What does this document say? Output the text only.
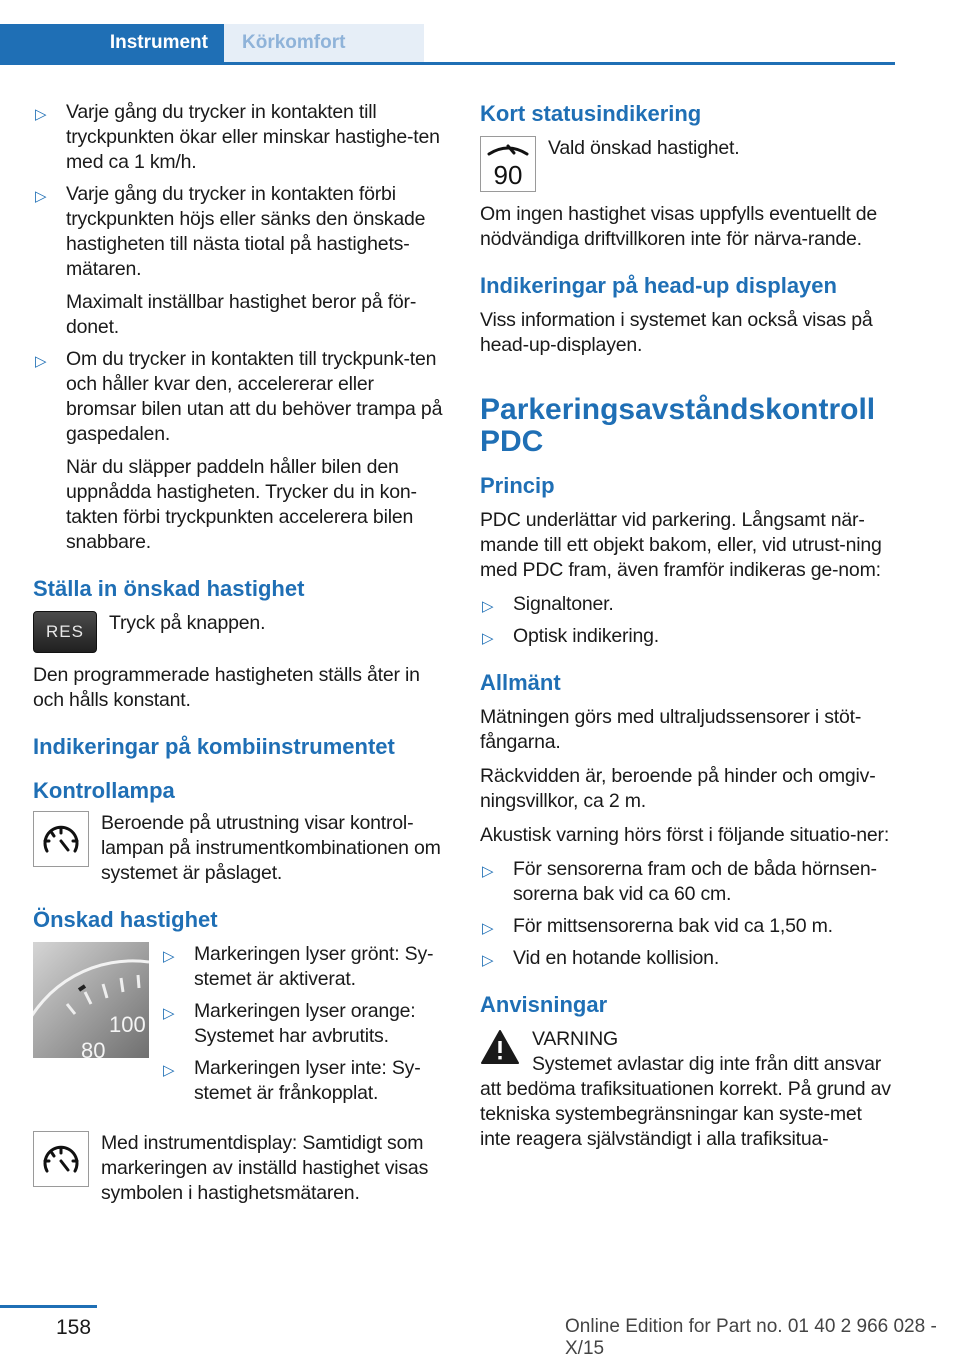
Instrument	Körkomfort
▷ Varje gång du trycker in kontakten till tryckpunkten ökar eller minskar hastighe-ten med ca 1 km/h.
▷ Varje gång du trycker in kontakten förbi tryckpunkten höjs eller sänks den önskade hastigheten till nästa tiotal på hastighets-mätaren.
Maximalt inställbar hastighet beror på för-donet.
▷ Om du trycker in kontakten till tryckpunk-ten och håller kvar den, accelererar eller bromsar bilen utan att du behöver trampa på gaspedalen.
När du släpper paddeln håller bilen den uppnådda hastigheten. Trycker du in kon-takten förbi tryckpunkten accelerera bilen snabbare.
Ställa in önskad hastighet
RES	Tryck på knappen.

Den programmerade hastigheten ställs åter in och hålls konstant.

Indikeringar på kombiinstrumentet
Kontrollampa

Beroende på utrustning visar kontrol-lampan på instrumentkombinationen om systemet är påslaget.

Önskad hastighet
100
80
▷ Markeringen lyser grönt: Sy-stemet är aktiverat.
▷ Markeringen lyser orange: Systemet har avbrutits.
▷ Markeringen lyser inte: Sy-stemet är frånkopplat.

Med instrumentdisplay: Samtidigt som markeringen av inställd hastighet visas symbolen i hastighetsmätaren.

Kort statusindikering
90

Vald önskad hastighet.

Om ingen hastighet visas uppfylls eventuellt de nödvändiga driftvillkoren inte för närva-rande.

Indikeringar på head-up displayen

Viss information i systemet kan också visas på head-up-displayen.

Parkeringsavståndskontroll PDC
Princip

PDC underlättar vid parkering. Långsamt när-mande till ett objekt bakom, eller, vid utrust-ning med PDC fram, även framför indikeras ge-nom:

▷ Signaltoner.
▷ Optisk indikering.
Allmänt

Mätningen görs med ultraljudssensorer i stöt-fångarna.

Räckvidden är, beroende på hinder och omgiv-ningsvillkor, ca 2 m.

Akustisk varning hörs först i följande situatio-ner:

▷ För sensorerna fram och de båda hörnsen-sorerna bak vid ca 60 cm.
▷ För mittsensorerna bak vid ca 1,50 m.
▷ Vid en hotande kollision.
Anvisningar
VARNING

Systemet avlastar dig inte från ditt ansvar att bedöma trafiksituationen korrekt. På grund av tekniska systembegränsningar kan syste-met inte reagera självständigt i alla trafiksitua-

158	Online Edition for Part no. 01 40 2 966 028 - X/15
